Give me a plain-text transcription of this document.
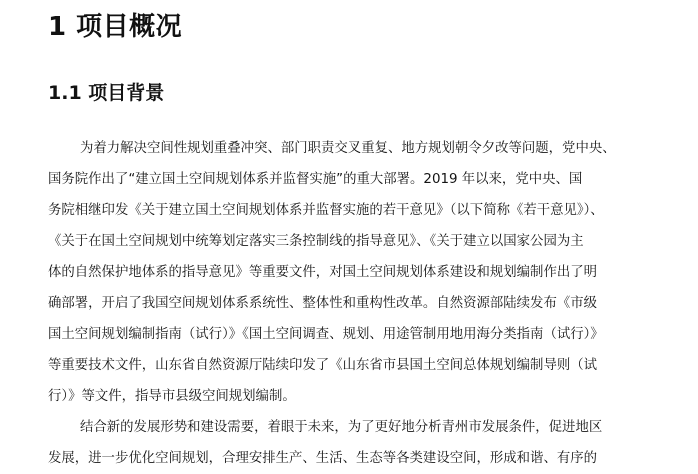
1 项目概况
1.1 项目背景
为着力解决空间性规划重叠冲突、部门职责交叉重复、地方规划朝令夕改等问题，党中央、
国务院作出了“建立国土空间规划体系并监督实施”的重大部署。2019 年以来，党中央、国
务院相继印发《关于建立国土空间规划体系并监督实施的若干意见》（以下简称《若干意见》）、
《关于在国土空间规划中统筹划定落实三条控制线的指导意见》、《关于建立以国家公园为主
体的自然保护地体系的指导意见》等重要文件，对国土空间规划体系建设和规划编制作出了明
确部署，开启了我国空间规划体系系统性、整体性和重构性改革。自然资源部陆续发布《市级
国土空间规划编制指南（试行）》《国土空间调查、规划、用途管制用地用海分类指南（试行）》
等重要技术文件，山东省自然资源厅陆续印发了《山东省市县国土空间总体规划编制导则（试
行）》等文件，指导市县级空间规划编制。
结合新的发展形势和建设需要，着眼于未来，为了更好地分析青州市发展条件，促进地区
发展，进一步优化空间规划，合理安排生产、生活、生态等各类建设空间，形成和谐、有序的
